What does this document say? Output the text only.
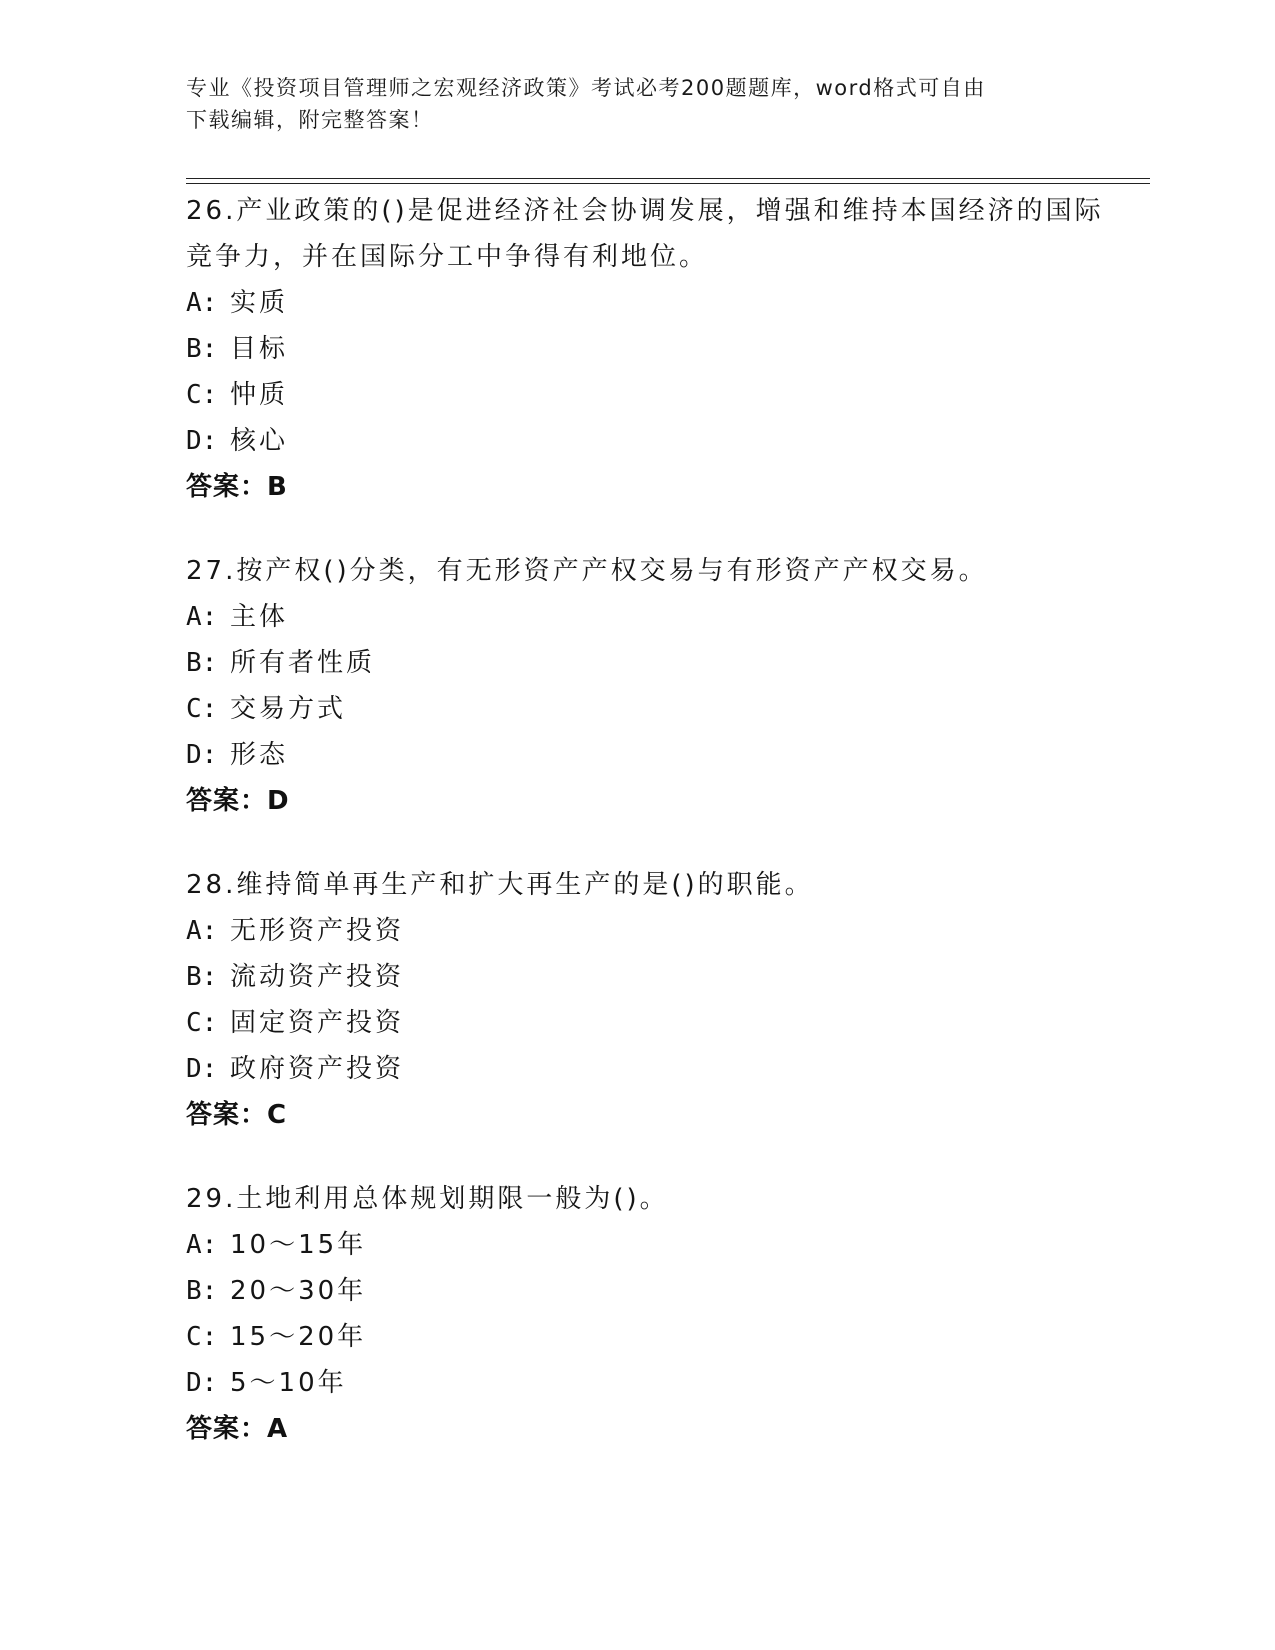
专业《投资项目管理师之宏观经济政策》考试必考200题题库，word格式可自由
下载编辑，附完整答案！

26.产业政策的()是促进经济社会协调发展，增强和维持本国经济的国际竞争力，并在国际分工中争得有利地位。

A: 实质
B: 目标
C: 忡质
D: 核心
答案：B

27.按产权()分类，有无形资产产权交易与有形资产产权交易。

A: 主体
B: 所有者性质
C: 交易方式
D: 形态
答案：D

28.维持简单再生产和扩大再生产的是()的职能。

A: 无形资产投资
B: 流动资产投资
C: 固定资产投资
D: 政府资产投资
答案：C

29.土地利用总体规划期限一般为()。

A: 10～15年
B: 20～30年
C: 15～20年
D: 5～10年
答案：A
